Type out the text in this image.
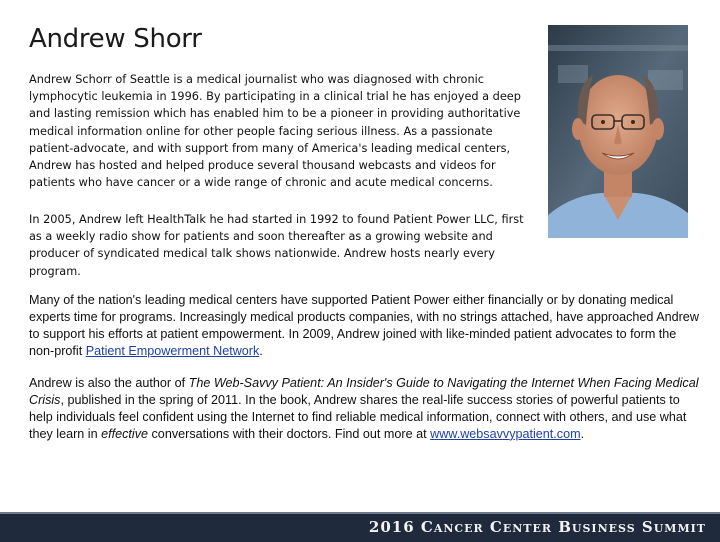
Andrew Shorr

Andrew Schorr of Seattle is a medical journalist who was diagnosed with chronic lymphocytic leukemia in 1996. By participating in a clinical trial he has enjoyed a deep and lasting remission which has enabled him to be a pioneer in providing authoritative medical information online for other people facing serious illness. As a passionate patient-advocate, and with support from many of America's leading medical centers, Andrew has hosted and helped produce several thousand webcasts and videos for patients who have cancer or a wide range of chronic and acute medical concerns.

In 2005, Andrew left HealthTalk he had started in 1992 to found Patient Power LLC, first as a weekly radio show for patients and soon thereafter as a growing website and producer of syndicated medical talk shows nationwide. Andrew hosts nearly every program.

Many of the nation's leading medical centers have supported Patient Power either financially or by donating medical experts time for programs. Increasingly medical products companies, with no strings attached, have approached Andrew to support his efforts at patient empowerment. In 2009, Andrew joined with like-minded patient advocates to form the non-profit Patient Empowerment Network.

Andrew is also the author of The Web-Savvy Patient: An Insider's Guide to Navigating the Internet When Facing Medical Crisis, published in the spring of 2011. In the book, Andrew shares the real-life success stories of powerful patients to help individuals feel confident using the Internet to find reliable medical information, connect with others, and use what they learn in effective conversations with their doctors. Find out more at www.websavvypatient.com.

2016 Cancer Center Business Summit
